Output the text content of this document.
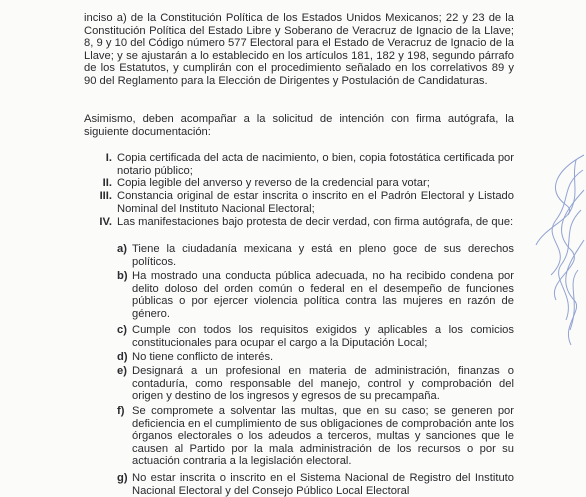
inciso a) de la Constitución Política de los Estados Unidos Mexicanos; 22 y 23 de la Constitución Política del Estado Libre y Soberano de Veracruz de Ignacio de la Llave; 8, 9 y 10 del Código número 577 Electoral para el Estado de Veracruz de Ignacio de la Llave; y se ajustarán a lo establecido en los artículos 181, 182 y 198, segundo párrafo de los Estatutos, y cumplirán con el procedimiento señalado en los correlativos 89 y 90 del Reglamento para la Elección de Dirigentes y Postulación de Candidaturas.
Asimismo, deben acompañar a la solicitud de intención con firma autógrafa, la siguiente documentación:
I. Copia certificada del acta de nacimiento, o bien, copia fotostática certificada por notario público;
II. Copia legible del anverso y reverso de la credencial para votar;
III. Constancia original de estar inscrita o inscrito en el Padrón Electoral y Listado Nominal del Instituto Nacional Electoral;
IV. Las manifestaciones bajo protesta de decir verdad, con firma autógrafa, de que:
a) Tiene la ciudadanía mexicana y está en pleno goce de sus derechos políticos.
b) Ha mostrado una conducta pública adecuada, no ha recibido condena por delito doloso del orden común o federal en el desempeño de funciones públicas o por ejercer violencia política contra las mujeres en razón de género.
c) Cumple con todos los requisitos exigidos y aplicables a los comicios constitucionales para ocupar el cargo a la Diputación Local;
d) No tiene conflicto de interés.
e) Designará a un profesional en materia de administración, finanzas o contaduría, como responsable del manejo, control y comprobación del origen y destino de los ingresos y egresos de su precampaña.
f) Se compromete a solventar las multas, que en su caso; se generen por deficiencia en el cumplimiento de sus obligaciones de comprobación ante los órganos electorales o los adeudos a terceros, multas y sanciones que le causen al Partido por la mala administración de los recursos o por su actuación contraria a la legislación electoral.
g) No estar inscrita o inscrito en el Sistema Nacional de Registro del Instituto Nacional Electoral y del Consejo Público Local Electoral
